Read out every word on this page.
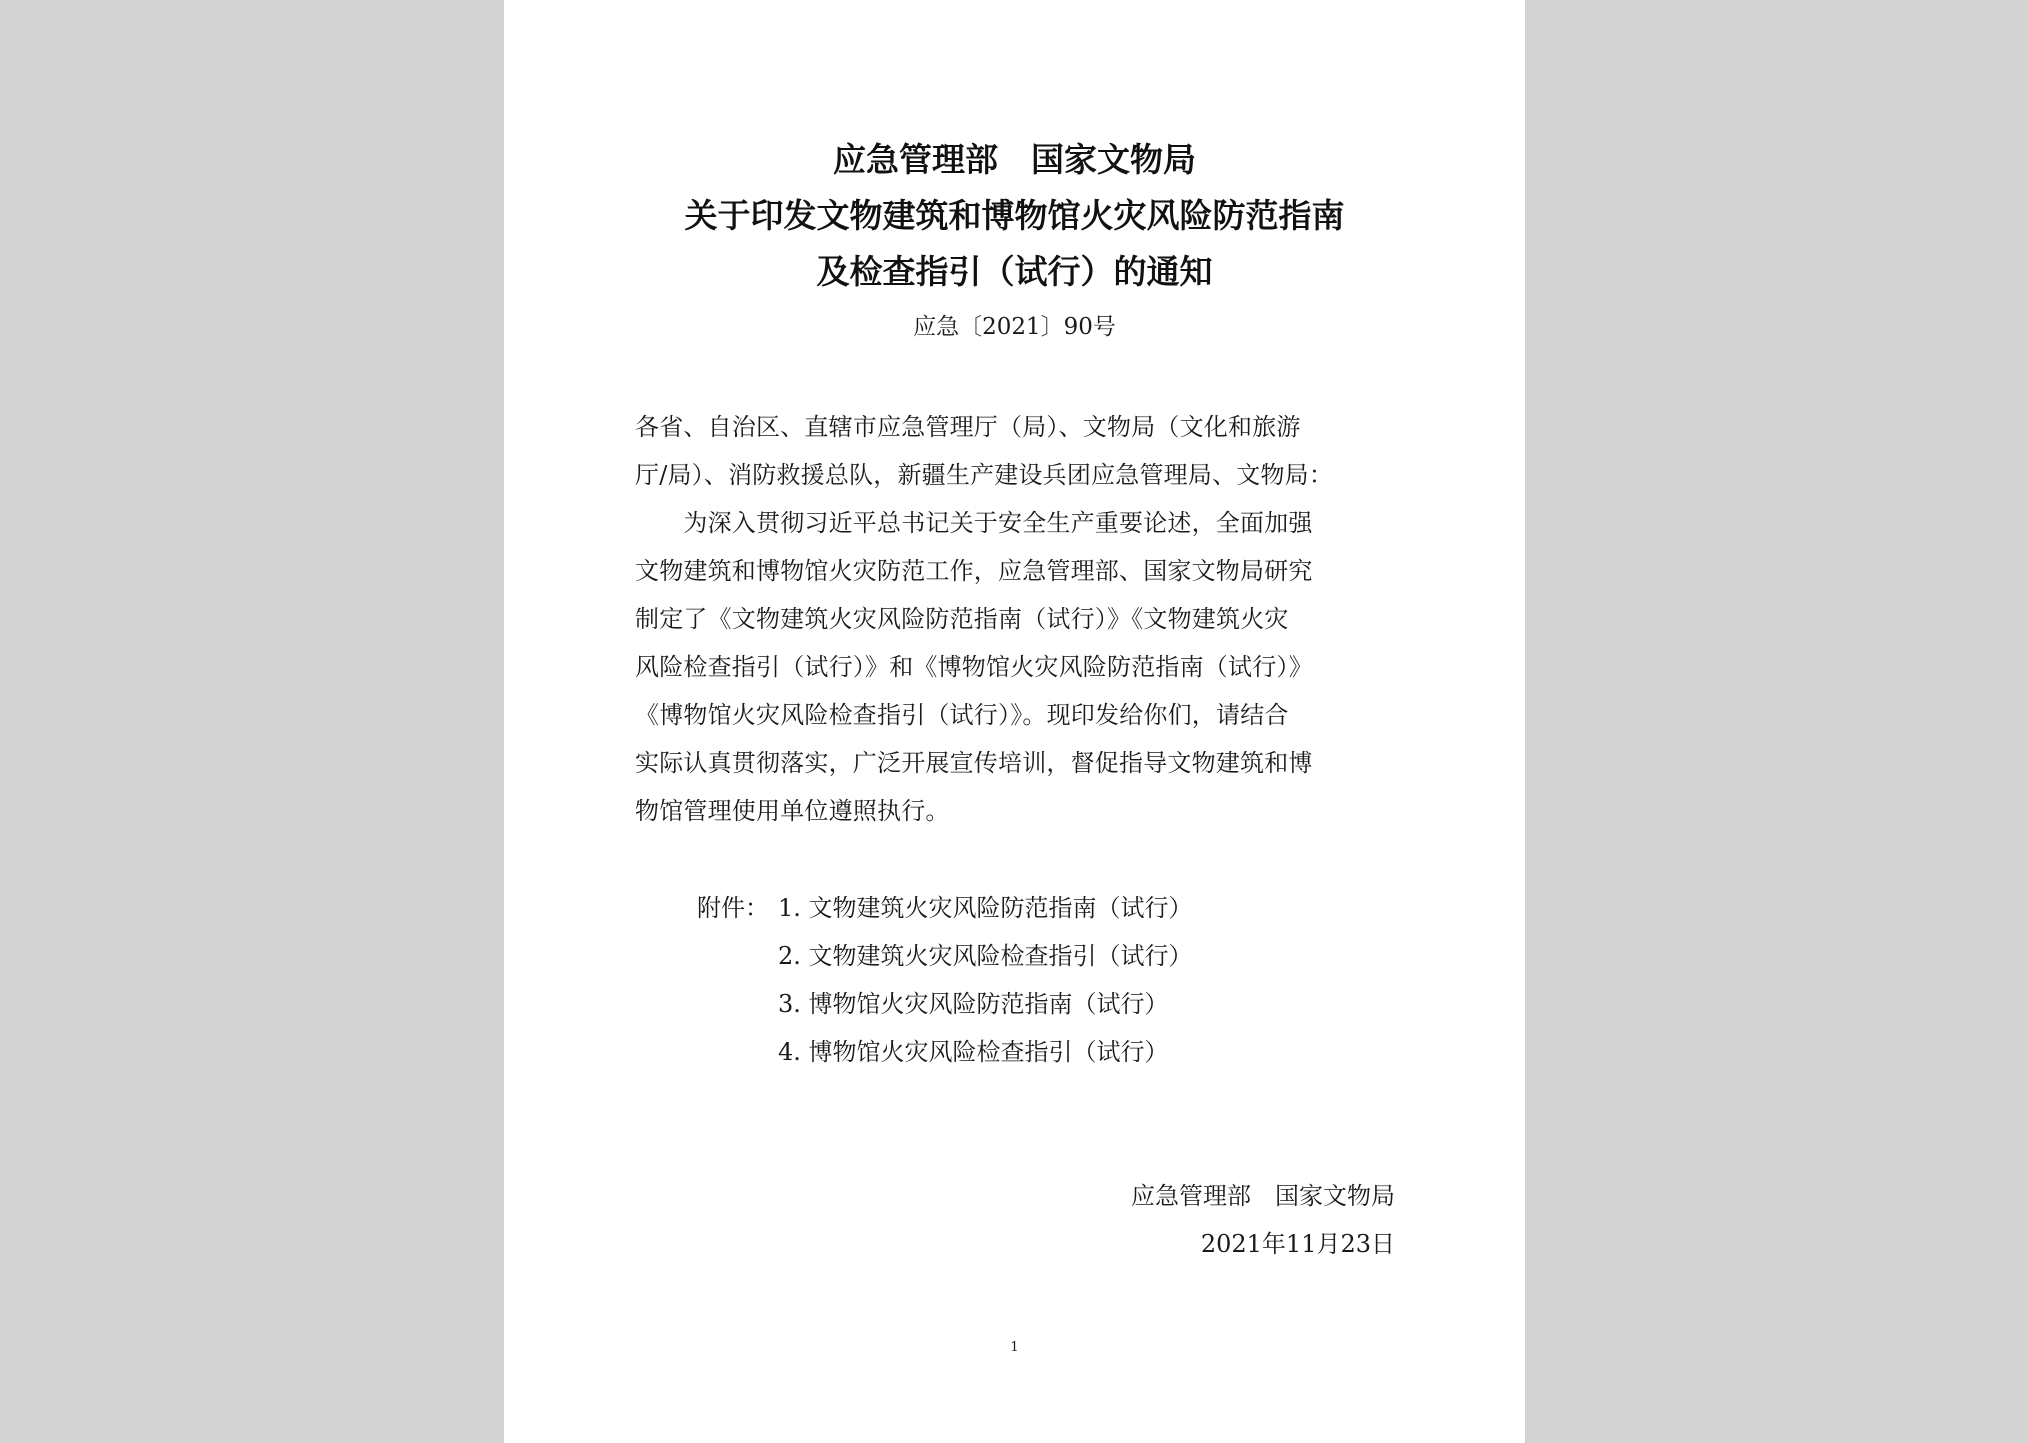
应急管理部　国家文物局
关于印发文物建筑和博物馆火灾风险防范指南
及检查指引（试行）的通知
应急〔2021〕90号
各省、自治区、直辖市应急管理厅（局）、文物局（文化和旅游
厅/局）、消防救援总队，新疆生产建设兵团应急管理局、文物局：
　　为深入贯彻习近平总书记关于安全生产重要论述，全面加强
文物建筑和博物馆火灾防范工作，应急管理部、国家文物局研究
制定了《文物建筑火灾风险防范指南（试行）》《文物建筑火灾
风险检查指引（试行）》和《博物馆火灾风险防范指南（试行）》
《博物馆火灾风险检查指引（试行）》。现印发给你们，请结合
实际认真贯彻落实，广泛开展宣传培训，督促指导文物建筑和博
物馆管理使用单位遵照执行。
附件： 1. 文物建筑火灾风险防范指南（试行）
2. 文物建筑火灾风险检查指引（试行）
3. 博物馆火灾风险防范指南（试行）
4. 博物馆火灾风险检查指引（试行）
应急管理部　国家文物局
2021年11月23日
1
